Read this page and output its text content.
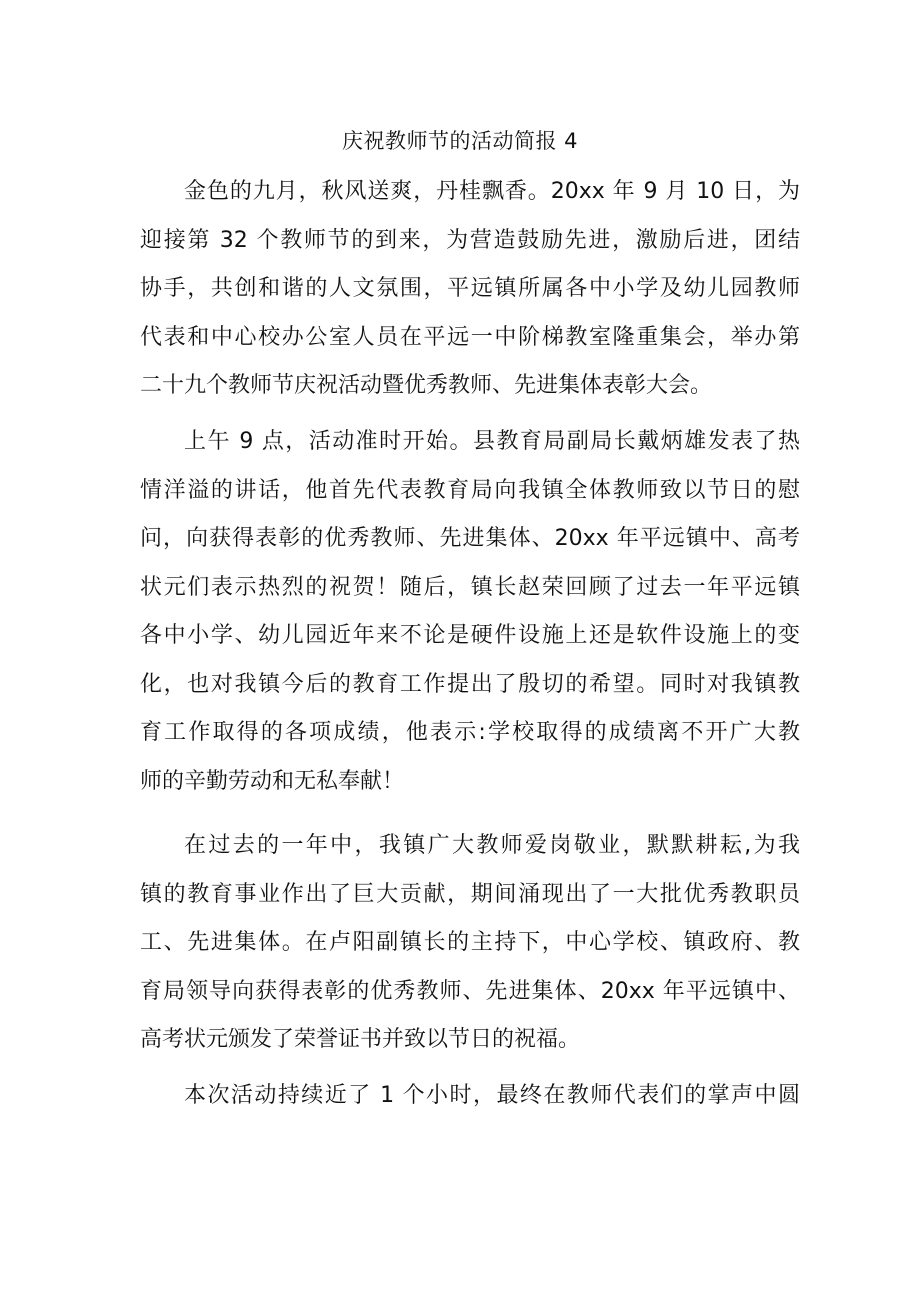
庆祝教师节的活动简报 4
金色的九月，秋风送爽，丹桂飘香。20xx 年 9 月 10 日，为
迎接第 32 个教师节的到来，为营造鼓励先进，激励后进，团结
协手，共创和谐的人文氛围，平远镇所属各中小学及幼儿园教师
代表和中心校办公室人员在平远一中阶梯教室隆重集会，举办第
二十九个教师节庆祝活动暨优秀教师、先进集体表彰大会。
上午 9 点，活动准时开始。县教育局副局长戴炳雄发表了热
情洋溢的讲话，他首先代表教育局向我镇全体教师致以节日的慰
问，向获得表彰的优秀教师、先进集体、20xx 年平远镇中、高考
状元们表示热烈的祝贺！随后，镇长赵荣回顾了过去一年平远镇
各中小学、幼儿园近年来不论是硬件设施上还是软件设施上的变
化，也对我镇今后的教育工作提出了殷切的希望。同时对我镇教
育工作取得的各项成绩，他表示:学校取得的成绩离不开广大教
师的辛勤劳动和无私奉献！
在过去的一年中，我镇广大教师爱岗敬业，默默耕耘,为我
镇的教育事业作出了巨大贡献，期间涌现出了一大批优秀教职员
工、先进集体。在卢阳副镇长的主持下，中心学校、镇政府、教
育局领导向获得表彰的优秀教师、先进集体、20xx 年平远镇中、
高考状元颁发了荣誉证书并致以节日的祝福。
本次活动持续近了 1 个小时，最终在教师代表们的掌声中圆
